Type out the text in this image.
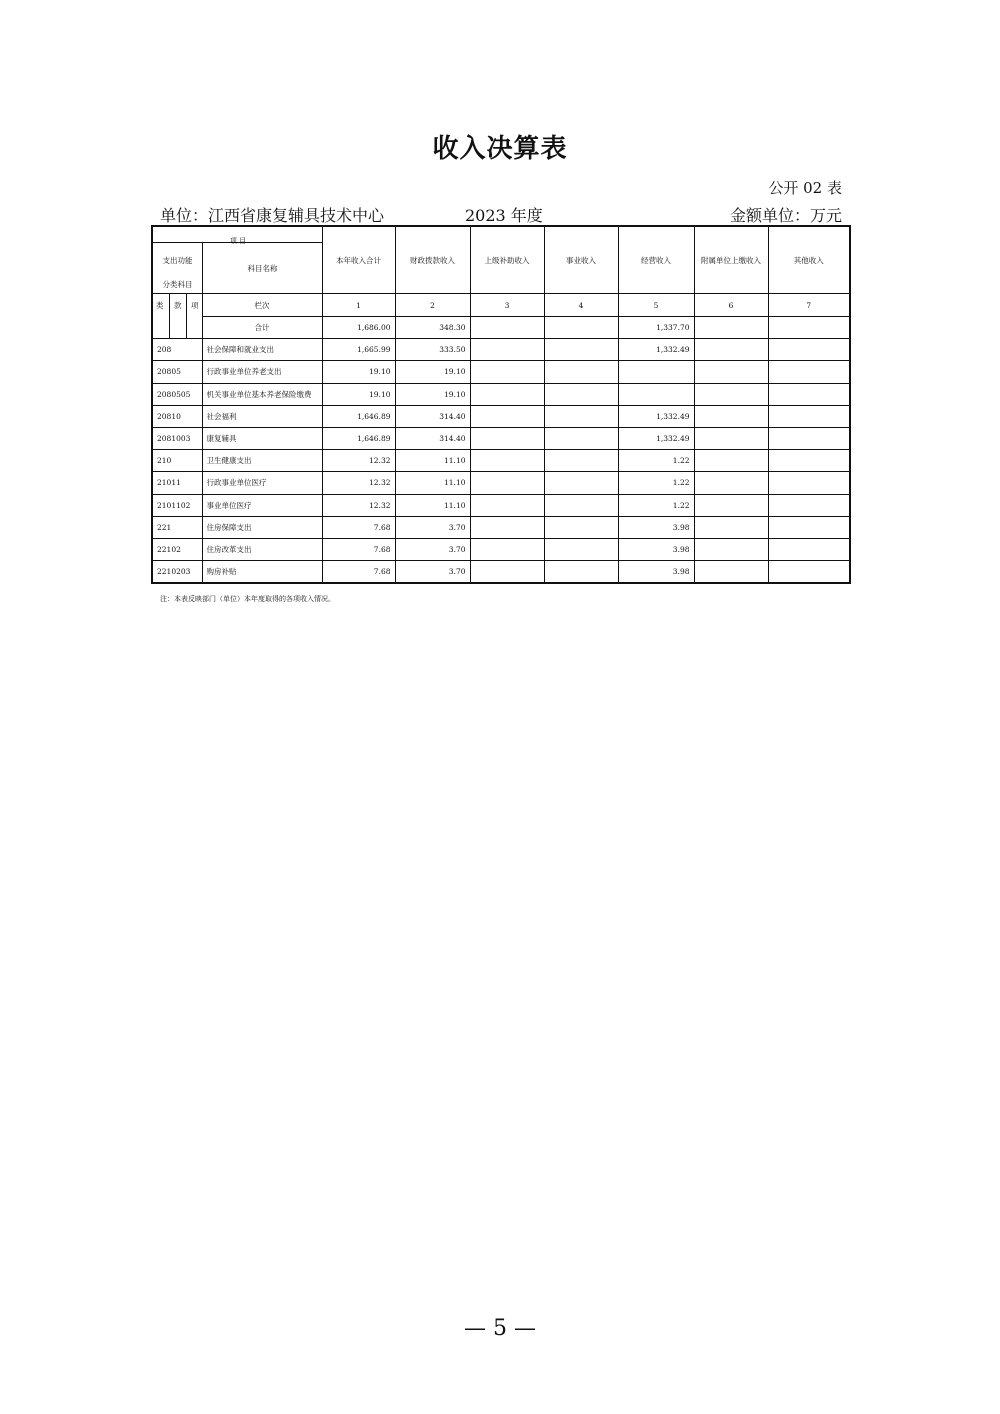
收入决算表
公开 02 表
单位：江西省康复辅具技术中心	2023 年度	金额单位：万元
项 目
支出功能
分类科目
科目名称		本年收入合计	财政拨款收入	上级补助收入	事业收入	经营收入	附属单位上缴收入	其他收入

类 款 项	栏次	1	2	3	4	5	6	7
	合计	1,686.00	348.30			1,337.70		
208	社会保障和就业支出	1,665.99	333.50			1,332.49		
20805	行政事业单位养老支出	19.10	19.10					
2080505	机关事业单位基本养老保险缴费	19.10	19.10					
20810	社会福利	1,646.89	314.40			1,332.49		
2081003	康复辅具	1,646.89	314.40			1,332.49		
210	卫生健康支出	12.32	11.10			1.22		
21011	行政事业单位医疗	12.32	11.10			1.22		
2101102	事业单位医疗	12.32	11.10			1.22		
221	住房保障支出	7.68	3.70			3.98		
22102	住房改革支出	7.68	3.70			3.98		
2210203	购房补贴	7.68	3.70			3.98		
注：本表反映部门（单位）本年度取得的各项收入情况。
— 5 —
